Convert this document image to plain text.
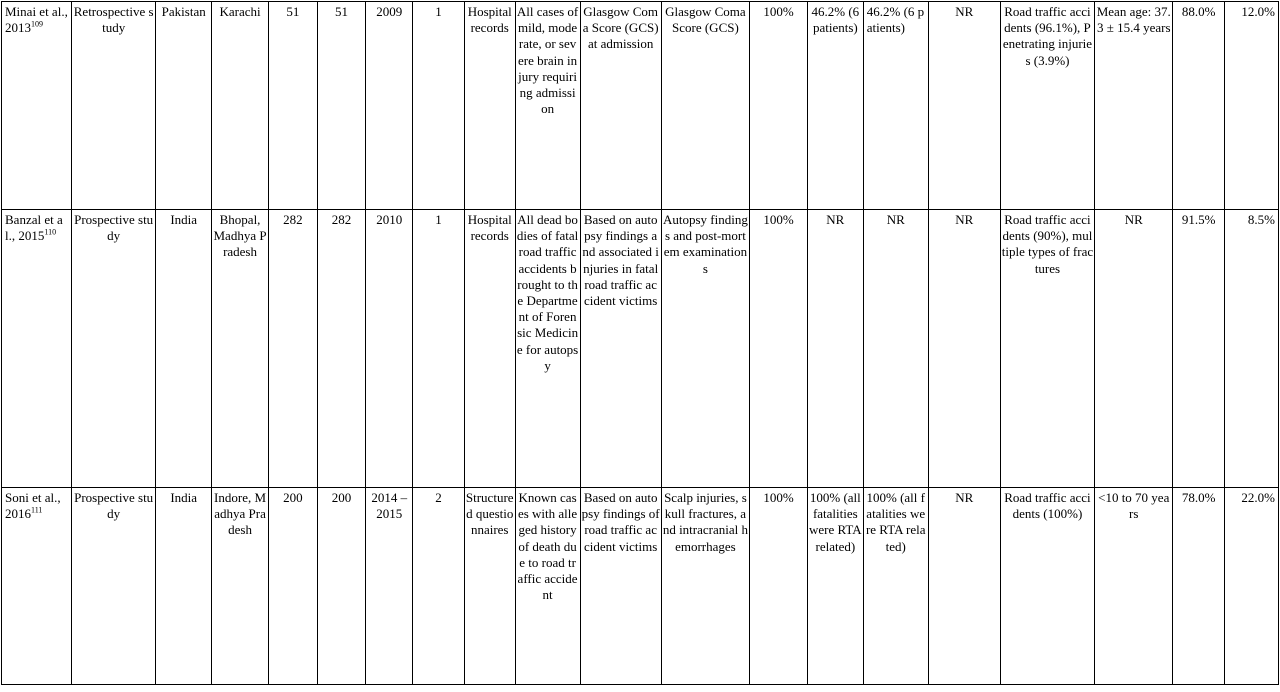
Minai et al., 2013$^{109}$	Retrospective study	Pakistan	Karachi	51	51	2009	1	Hospital records	All cases of mild, moderate, or severe brain injury requiring admission	Glasgow Coma Score (GCS) at admission	Glasgow Coma Score (GCS)	100%	46.2% (6 patients)	46.2% (6 patients)	NR	Road traffic accidents (96.1%), Penetrating injuries (3.9%)	Mean age: 37.3 ± 15.4 years	88.0%	12.0%
Banzal et al., 2015$^{110}$	Prospective study	India	Bhopal, Madhya Pradesh	282	282	2010	1	Hospital records	All dead bodies of fatal road traffic accidents brought to the Department of Forensic Medicine for autopsy	Based on autopsy findings and associated injuries in fatal road traffic accident victims	Autopsy findings and post-mortem examinations	100%	NR	NR	NR	Road traffic accidents (90%), multiple types of fractures	NR	91.5%	8.5%
Soni et al., 2016$^{111}$	Prospective study	India	Indore, Madhya Pradesh	200	200	2014 – 2015	2	Structured questionnaires	Known cases with alleged history of death due to road traffic accident	Based on autopsy findings of road traffic accident victims	Scalp injuries, skull fractures, and intracranial hemorrhages	100%	100% (all fatalities were RTA related)	100% (all fatalities were RTA related)	NR	Road traffic accidents (100%)	<10 to 70 years	78.0%	22.0%
